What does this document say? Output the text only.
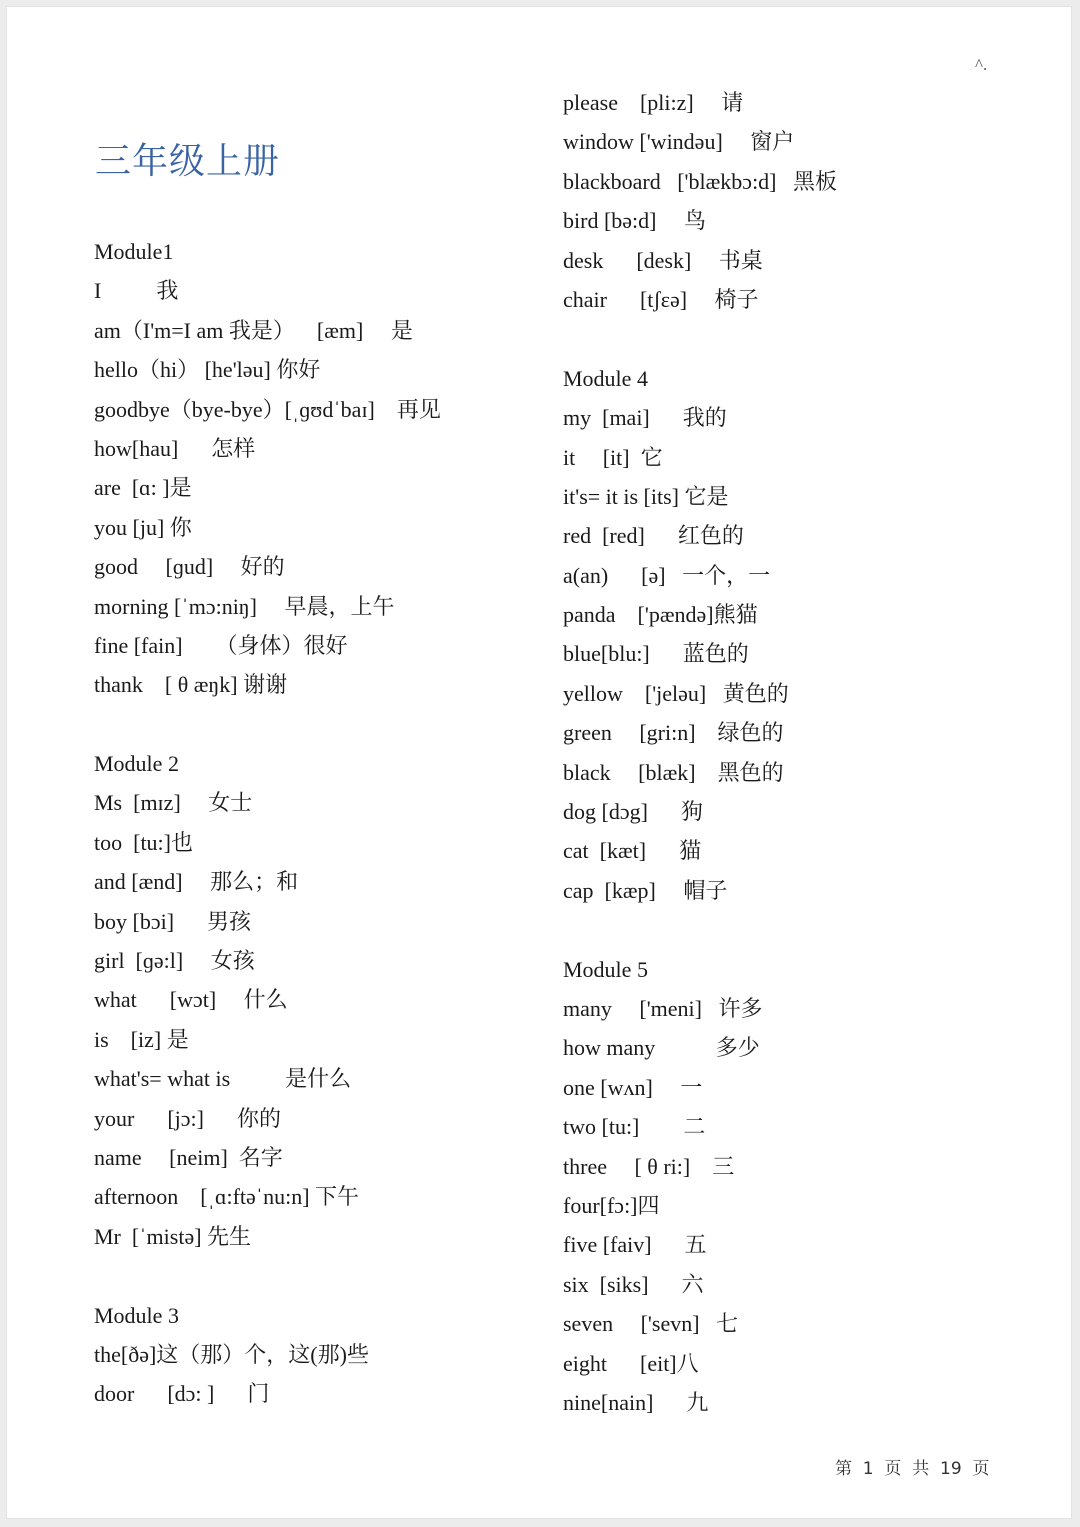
^.
三年级上册
Module1
I          我
am（I'm=I am 我是）    [æm]     是
hello（hi） [he'ləu] 你好
goodbye（bye-bye）[ˌɡʊdˈbaɪ]    再见
how[hau]      怎样
are  [ɑ: ]是
you [ju] 你
good     [ɡud]     好的
morning [ˈmɔ:niŋ]     早晨，上午
fine [fain]      （身体）很好
thank    [ θ æŋk] 谢谢
Module 2
Ms  [mɪz]     女士
too  [tu:]也
and [ænd]     那么；和
boy [bɔi]      男孩
girl  [ɡə:l]     女孩
what      [wɔt]     什么
is    [iz] 是
what's= what is          是什么
your      [jɔ:]      你的
name     [neim]  名字
afternoon    [ˌɑ:ftəˈnu:n] 下午
Mr  [ˈmistə] 先生
Module 3
the[ðə]这（那）个，这(那)些
door      [dɔ: ]      门
please    [pli:z]     请
window ['windəu]     窗户
blackboard   ['blækbɔ:d]   黑板
bird [bə:d]     鸟
desk      [desk]     书桌
chair      [tʃɛə]     椅子
Module 4
my  [mai]      我的
it     [it]  它
it's= it is [its] 它是
red  [red]      红色的
a(an)      [ə]   一个，一
panda    ['pændə]熊猫
blue[blu:]      蓝色的
yellow    ['jeləu]   黄色的
green     [gri:n]    绿色的
black     [blæk]    黑色的
dog [dɔg]      狗
cat  [kæt]      猫
cap  [kæp]     帽子
Module 5
many     ['meni]   许多
how many           多少
one [wʌn]     一
two [tu:]        二
three     [ θ ri:]    三
four[fɔ:]四
five [faiv]      五
six  [siks]      六
seven     ['sevn]   七
eight      [eit]八
nine[nain]      九
第  1  页  共  19  页
